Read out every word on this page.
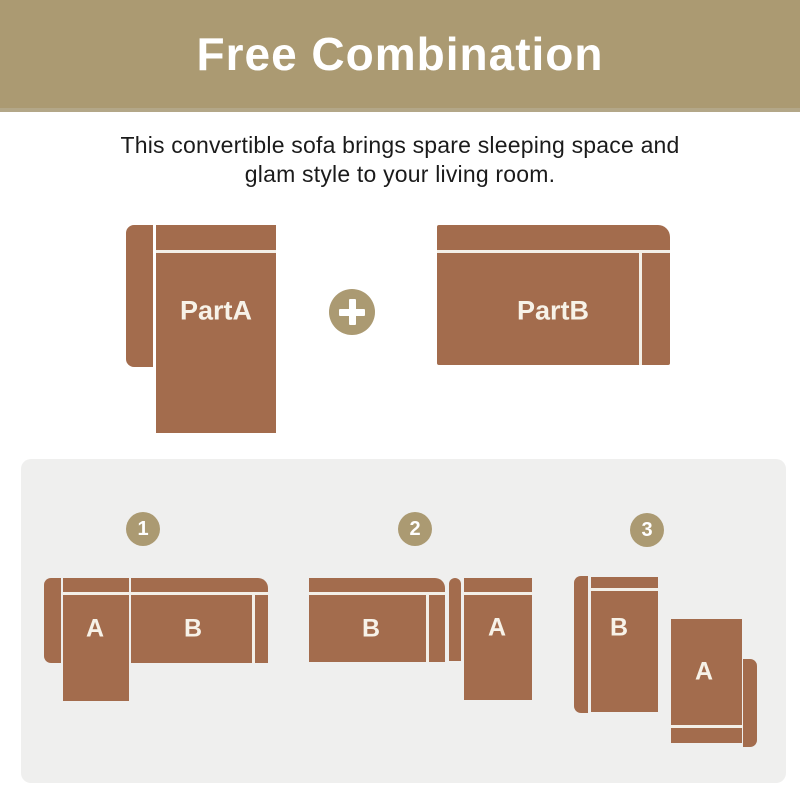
Free Combination
This convertible sofa brings spare sleeping space and
glam style to your living room.
PartA	PartB
1
A	B
2
B	A
3
B
A
